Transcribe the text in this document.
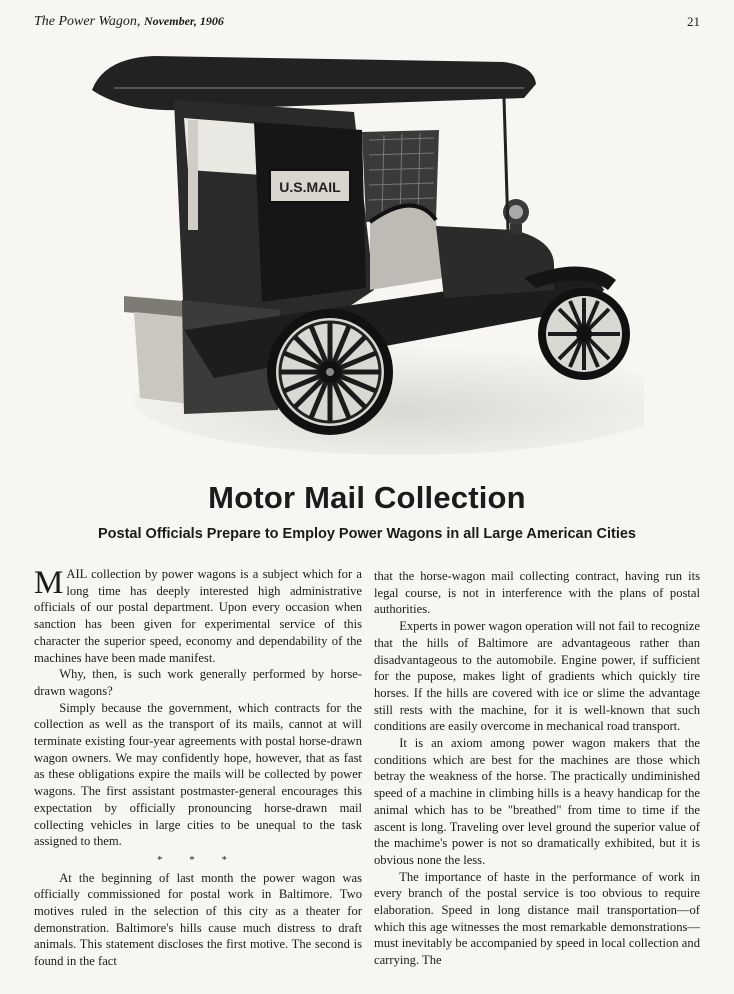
The Power Wagon, November, 1906	21
U.S.MAIL
Motor Mail Collection
Postal Officials Prepare to Employ Power Wagons in all Large American Cities

MAIL collection by power wagons is a subject which for a long time has deeply interested high administrative officials of our postal department. Upon every occasion when sanction has been given for experimental service of this character the superior speed, economy and dependability of the machines have been made manifest.

Why, then, is such work generally performed by horse-drawn wagons?

Simply because the government, which contracts for the collection as well as the transport of its mails, cannot at will terminate existing four-year agreements with postal horse-drawn wagon owners. We may confidently hope, however, that as fast as these obligations expire the mails will be collected by power wagons. The first assistant postmaster-general encourages this expectation by officially pronouncing horse-drawn mail collecting vehicles in large cities to be unequal to the task assigned to them.

* * *

At the beginning of last month the power wagon was officially commissioned for postal work in Baltimore. Two motives ruled in the selection of this city as a theater for demonstration. Baltimore's hills cause much distress to draft animals. This statement discloses the first motive. The second is found in the fact

that the horse-wagon mail collecting contract, having run its legal course, is not in interference with the plans of postal authorities.

Experts in power wagon operation will not fail to recognize that the hills of Baltimore are advantageous rather than disadvantageous to the automobile. Engine power, if sufficient for the pupose, makes light of gradients which quickly tire horses. If the hills are covered with ice or slime the advantage still rests with the machine, for it is well-known that such conditions are easily overcome in mechanical road transport.

It is an axiom among power wagon makers that the conditions which are best for the machines are those which betray the weakness of the horse. The practically undiminished speed of a machine in climbing hills is a heavy handicap for the animal which has to be "breathed" from time to time if the ascent is long. Traveling over level ground the superior value of the machime's power is not so dramatically exhibited, but it is obvious none the less.

The importance of haste in the performance of work in every branch of the postal service is too obvious to require elaboration. Speed in long distance mail transportation—of which this age witnesses the most remarkable demonstrations—must inevitably be accompanied by speed in local collection and carrying. The
